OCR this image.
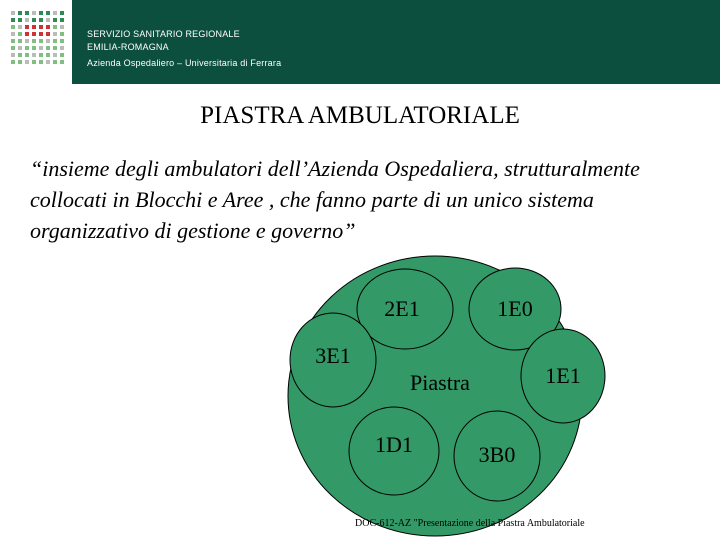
SERVIZIO SANITARIO REGIONALE
EMILIA-ROMAGNA
Azienda Ospedaliero – Universitaria di Ferrara
PIASTRA AMBULATORIALE
“insieme degli ambulatori dell’Azienda Ospedaliera, strutturalmente collocati in Blocchi e Aree , che fanno parte di un unico sistema organizzativo di gestione e governo”
Piastra
2E1	1E0
3E1
1E1
1D1	3B0
DOC-612-AZ "Presentazione della Piastra Ambulatoriale
